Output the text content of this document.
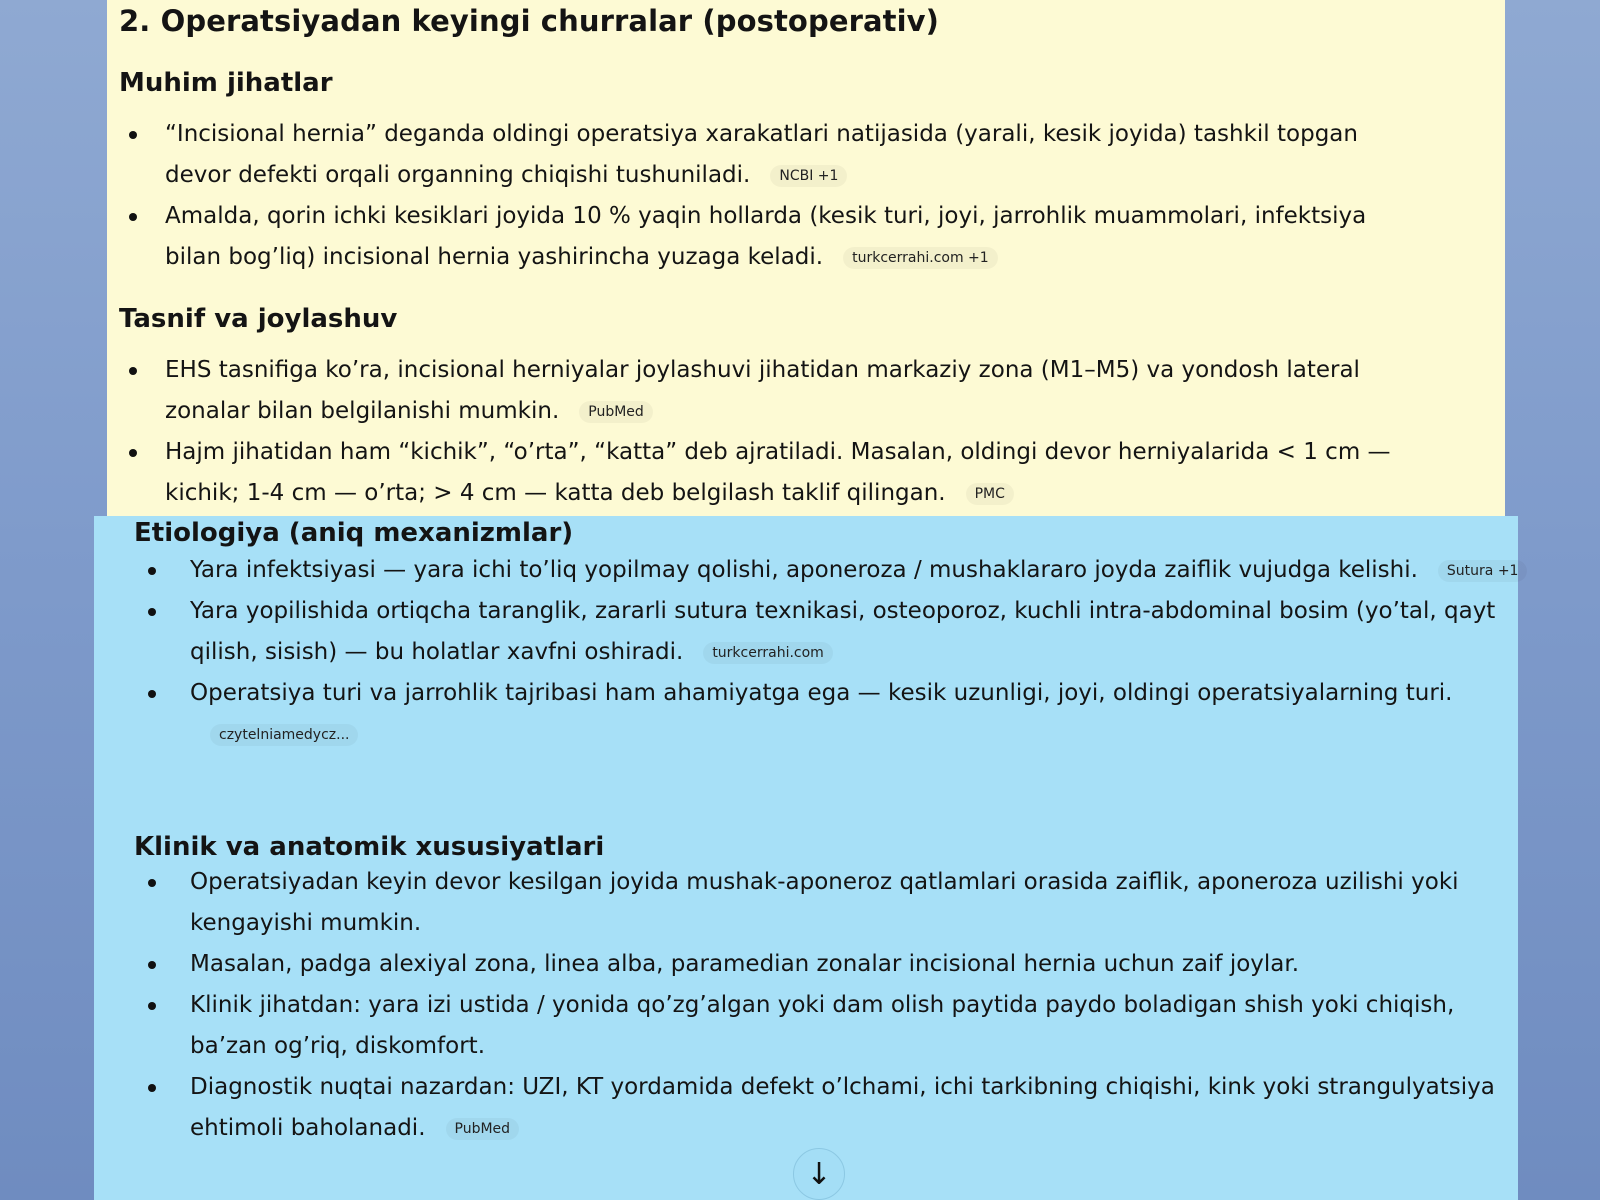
2. Operatsiyadan keyingi churralar (postoperativ)
Muhim jihatlar
“Incisional hernia” deganda oldingi operatsiya xarakatlari natijasida (yarali, kesik joyida) tashkil topgan devor defekti orqali organning chiqishi tushuniladi. NCBI +1
Amalda, qorin ichki kesiklari joyida 10 % yaqin hollarda (kesik turi, joyi, jarrohlik muammolari, infektsiya bilan bog’liq) incisional hernia yashirincha yuzaga keladi. turkcerrahi.com +1
Tasnif va joylashuv
EHS tasnifiga ko’ra, incisional herniyalar joylashuvi jihatidan markaziy zona (M1–M5) va yondosh lateral zonalar bilan belgilanishi mumkin. PubMed
Hajm jihatidan ham “kichik”, “o’rta”, “katta” deb ajratiladi. Masalan, oldingi devor herniyalarida < 1 cm — kichik; 1-4 cm — o’rta; > 4 cm — katta deb belgilash taklif qilingan. PMC
Etiologiya (aniq mexanizmlar)
Yara infektsiyasi — yara ichi to’liq yopilmay qolishi, aponeroza / mushaklararo joyda zaiflik vujudga kelishi. Sutura +1
Yara yopilishida ortiqcha taranglik, zararli sutura texnikasi, osteoporoz, kuchli intra-abdominal bosim (yo’tal, qayt qilish, sisish) — bu holatlar xavfni oshiradi. turkcerrahi.com
Operatsiya turi va jarrohlik tajribasi ham ahamiyatga ega — kesik uzunligi, joyi, oldingi operatsiyalarning turi.czytelniamedycz...
Klinik va anatomik xususiyatlari
Operatsiyadan keyin devor kesilgan joyida mushak-aponeroz qatlamlari orasida zaiflik, aponeroza uzilishi yoki kengayishi mumkin.
Masalan, padga alexiyal zona, linea alba, paramedian zonalar incisional hernia uchun zaif joylar.
Klinik jihatdan: yara izi ustida / yonida qo’zg’algan yoki dam olish paytida paydo boladigan shish yoki chiqish, ba’zan og’riq, diskomfort.
Diagnostik nuqtai nazardan: UZI, KT yordamida defekt o’lchami, ichi tarkibning chiqishi, kink yoki strangulyatsiya ehtimoli baholanadi. PubMed
↓
